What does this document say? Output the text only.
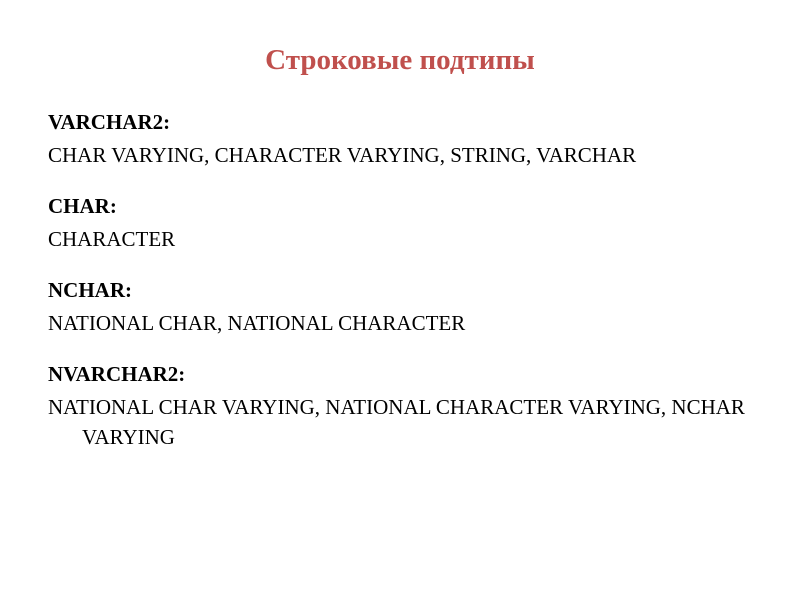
Строковые подтипы
VARCHAR2:
CHAR VARYING, CHARACTER VARYING, STRING, VARCHAR
CHAR:
CHARACTER
NCHAR:
NATIONAL CHAR, NATIONAL CHARACTER
NVARCHAR2:
NATIONAL CHAR VARYING, NATIONAL CHARACTER VARYING, NCHAR VARYING
